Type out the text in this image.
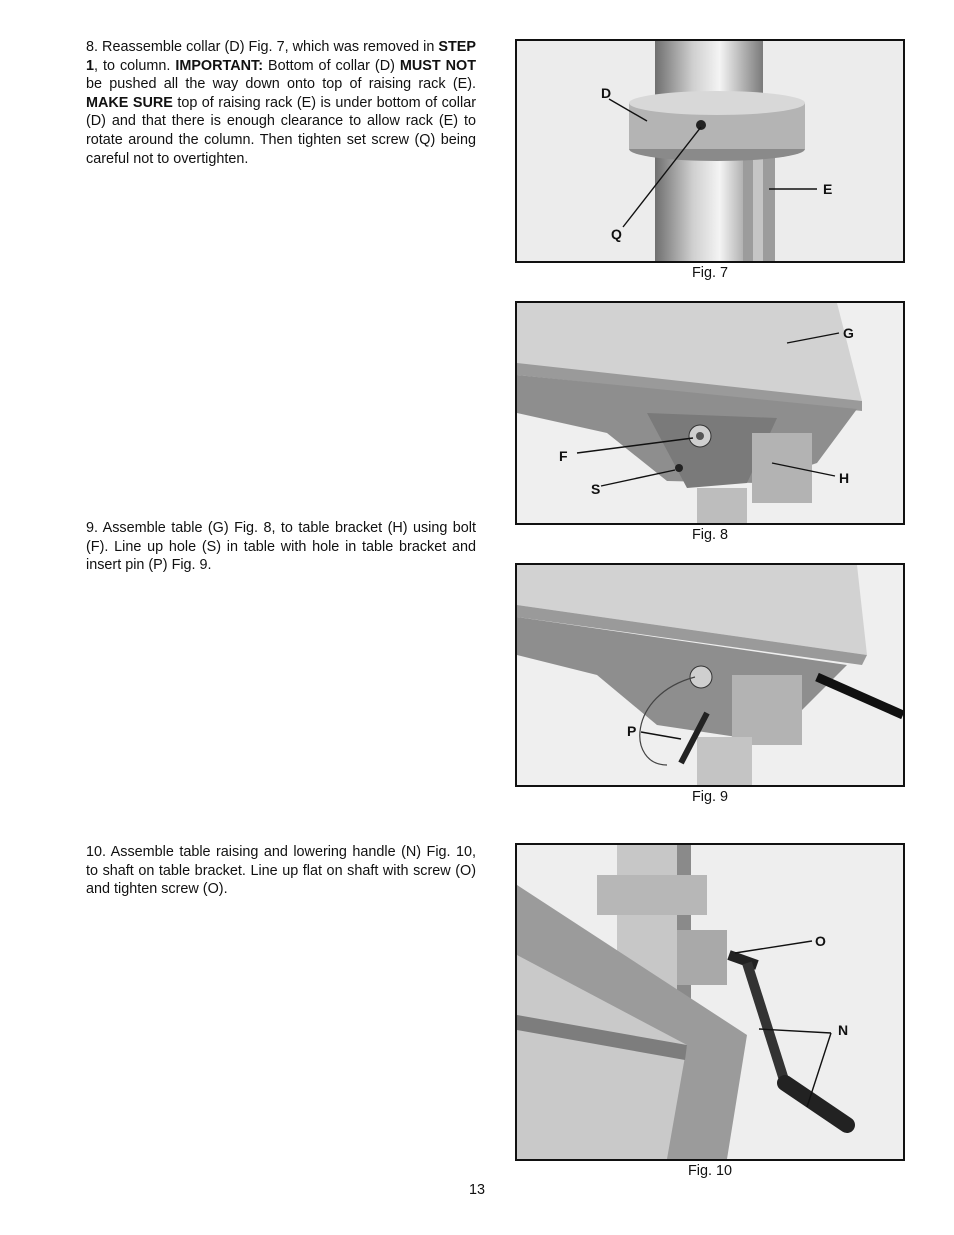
8. Reassemble collar (D) Fig. 7, which was removed in STEP 1, to column. IMPORTANT: Bottom of collar (D) MUST NOT be pushed all the way down onto top of raising rack (E). MAKE SURE top of raising rack (E) is under bottom of collar (D) and that there is enough clearance to allow rack (E) to rotate around the column. Then tighten set screw (Q) being careful not to overtighten.
9. Assemble table (G) Fig. 8, to table bracket (H) using bolt (F). Line up hole (S) in table with hole in table bracket and insert pin (P) Fig. 9.
10. Assemble table raising and lowering handle (N) Fig. 10, to shaft on table bracket. Line up flat on shaft with screw (O) and tighten screw (O).
D
E
Q
Fig. 7
G
F
S
H
Fig. 8
P
Fig. 9
O
N
Fig. 10
13
